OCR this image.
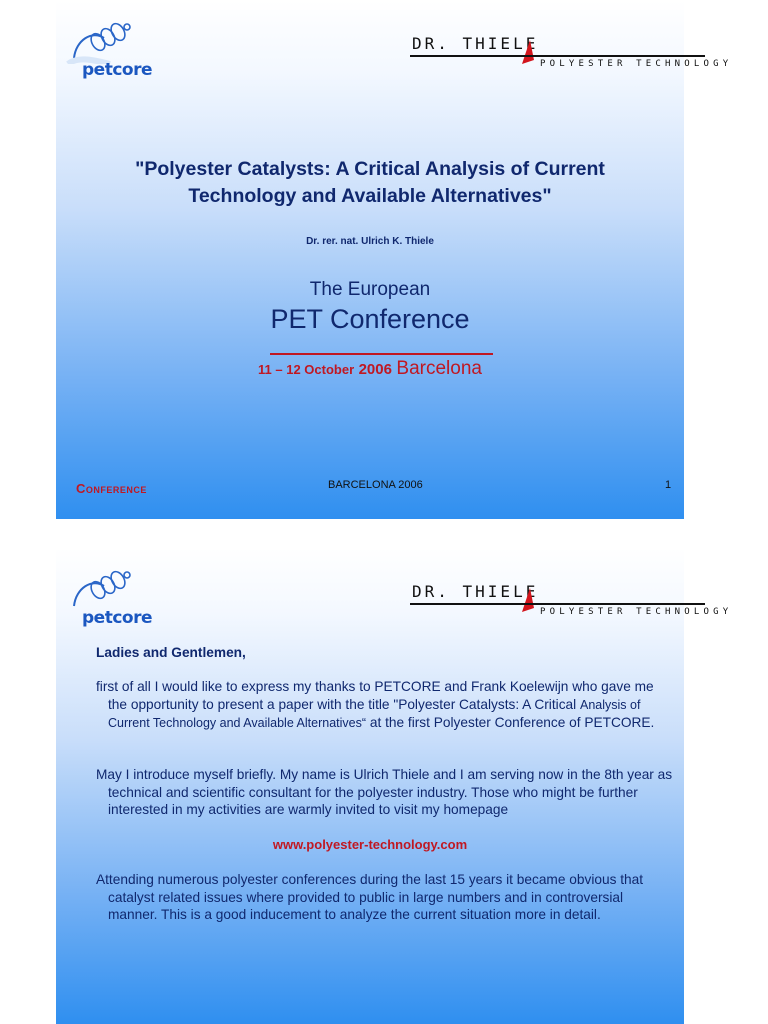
petcore
DR. THIELE
POLYESTER TECHNOLOGY
"Polyester Catalysts: A Critical Analysis of Current
Technology and Available Alternatives"
Dr. rer. nat. Ulrich K. Thiele
The European
PET Conference
11 – 12 October 2006 Barcelona
Conference	BARCELONA 2006	1
petcore
DR. THIELE
POLYESTER TECHNOLOGY
Ladies and Gentlemen,

first of all I would like to express my thanks to PETCORE and Frank Koelewijn who gave me the opportunity to present a paper with the title "Polyester Catalysts: A Critical Analysis of Current Technology and Available Alternatives“ at the first Polyester Conference of PETCORE.

May I introduce myself briefly. My name is Ulrich Thiele and I am serving now in the 8th year as technical and scientific consultant for the polyester industry. Those who might be further interested in my activities are warmly invited to visit my homepage

www.polyester-technology.com

Attending numerous polyester conferences during the last 15 years it became obvious that catalyst related issues where provided to public in large numbers and in controversial manner. This is a good inducement to analyze the current situation more in detail.
